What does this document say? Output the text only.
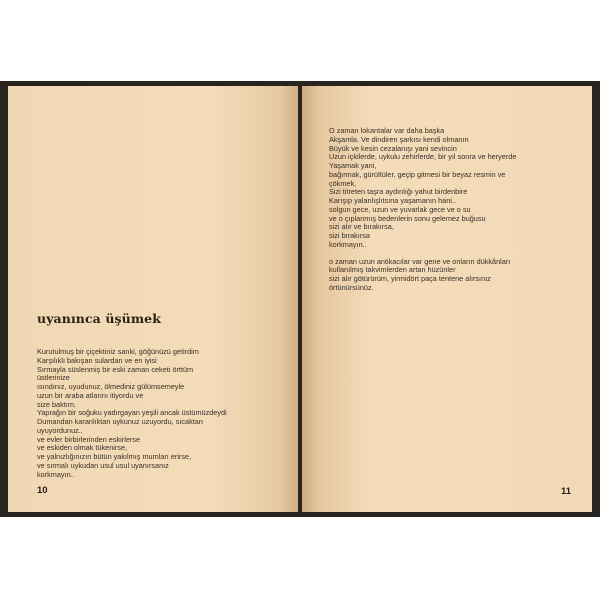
uyanınca üşümek
Kurutulmuş bir çiçektiniz sanki, göğünüzü getirdim
Karşılıklı bakışan sulardan ve en iyisi
Sırmayla süslenmiş bir eski zaman ceketi örttüm
üstlerinize
ısındınız, uyudunuz, ölmediniz gülümsemeyle
uzun bir araba atlarını itiyordu ve
size baktım.
Yaprağın bir soğuku yadırgayan yeşili ancak üstümüzdeydi
Dumandan karanlıktan uykunuz uzuyordu, sıcaktan
uyuyordunuz..
ve evler birbirlerinden eskirlerse
ve eskiden olmak tükenirse,
ve yalnızlığınızın bütün yakılmış mumları erirse,
ve sırmalı uykudan usul usul uyanırsanız
korkmayın..
10
O zaman lokantalar var daha başka
Akşamla. Ve dindiren şarkısı kendi olmanın
Büyük ve kesin cezalanışı yani sevincin
Uzun içkilerde, uykulu zehirlerde, bir yıl sonra ve heryerde
Yaşamak yani,
bağırmak, gürültüler, geçip gitmesi bir beyaz resmin ve
çökmek,
Sizi titreten taşra aydınlığı yahut birdenbire
Karışıp yalanlışlıtsına yaşamanın hani..
solgun gece, uzun ve yuvarlak gece ve o su
ve o çıplanmış bedenlerin sonu gelemez buğusu
sizi alır ve bırakırsa,
sizi bırakırsa
korkmayın..
o zaman uzun antikacılar var gene ve onların dükkânları
kullanılmış takvimlerden artan hüzünler
sizi alır götürürüm, yirmidört paça tentene alırsınız
örtünürsünüz.
11
